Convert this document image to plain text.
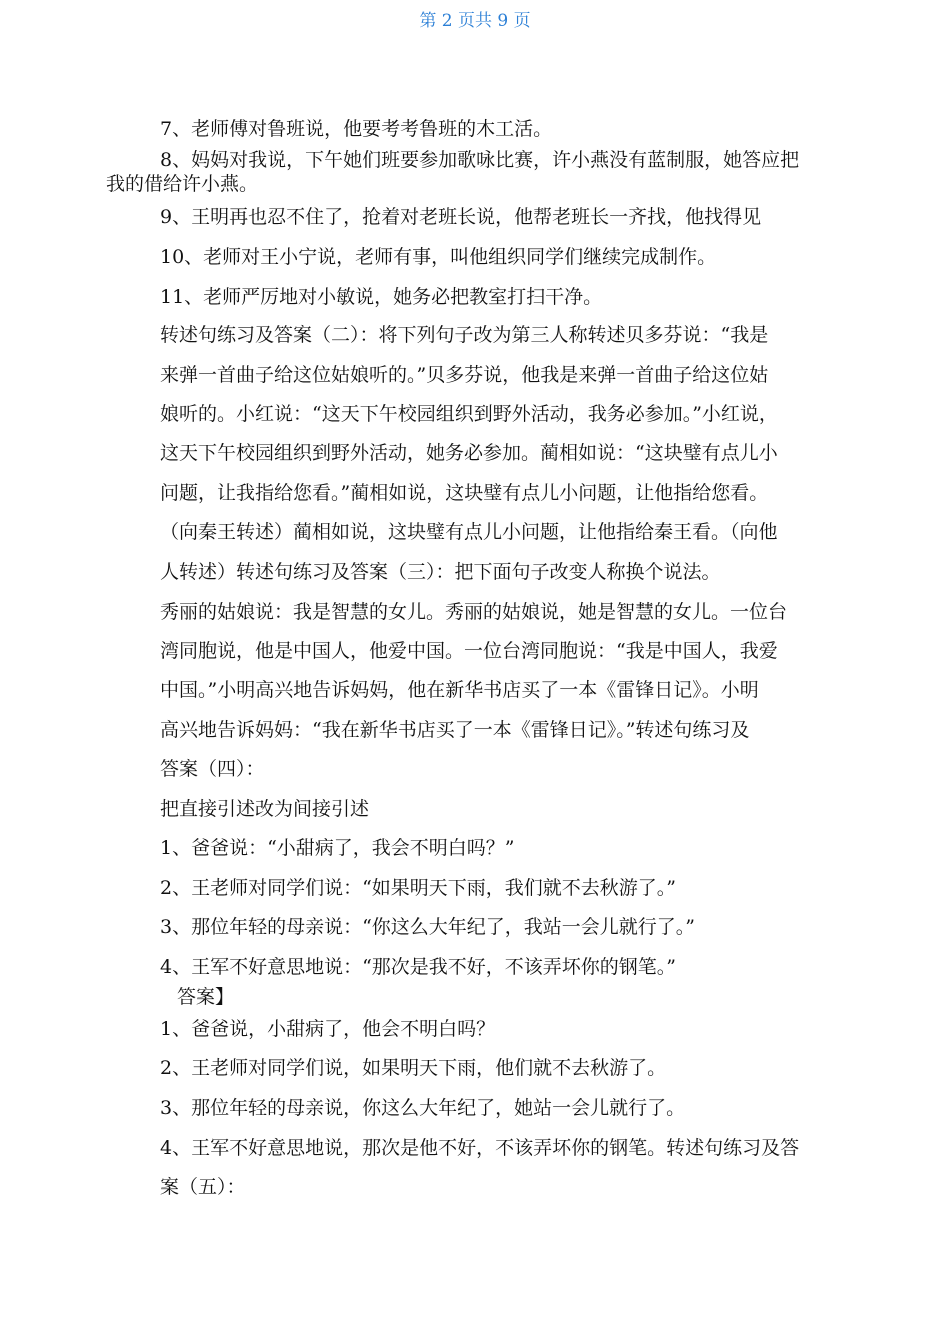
第 2 页共 9 页
7、老师傅对鲁班说，他要考考鲁班的木工活。
8、妈妈对我说，下午她们班要参加歌咏比赛，许小燕没有蓝制服，她答应把
我的借给许小燕。
9、王明再也忍不住了，抢着对老班长说，他帮老班长一齐找，他找得见
10、老师对王小宁说，老师有事，叫他组织同学们继续完成制作。
11、老师严厉地对小敏说，她务必把教室打扫干净。
转述句练习及答案（二）：将下列句子改为第三人称转述贝多芬说：“我是
来弹一首曲子给这位姑娘听的。”贝多芬说，他我是来弹一首曲子给这位姑
娘听的。小红说：“这天下午校园组织到野外活动，我务必参加。”小红说，
这天下午校园组织到野外活动，她务必参加。蔺相如说：“这块璧有点儿小
问题，让我指给您看。”蔺相如说，这块璧有点儿小问题，让他指给您看。
（向秦王转述）蔺相如说，这块璧有点儿小问题，让他指给秦王看。（向他
人转述）转述句练习及答案（三）：把下面句子改变人称换个说法。
秀丽的姑娘说：我是智慧的女儿。秀丽的姑娘说，她是智慧的女儿。一位台
湾同胞说，他是中国人，他爱中国。一位台湾同胞说：“我是中国人，我爱
中国。”小明高兴地告诉妈妈，他在新华书店买了一本《雷锋日记》。小明
高兴地告诉妈妈：“我在新华书店买了一本《雷锋日记》。”转述句练习及
答案（四）：
把直接引述改为间接引述
1、爸爸说：“小甜病了，我会不明白吗？”
2、王老师对同学们说：“如果明天下雨，我们就不去秋游了。”
3、那位年轻的母亲说：“你这么大年纪了，我站一会儿就行了。”
4、王军不好意思地说：“那次是我不好，不该弄坏你的钢笔。”
答案】
1、爸爸说，小甜病了，他会不明白吗？
2、王老师对同学们说，如果明天下雨，他们就不去秋游了。
3、那位年轻的母亲说，你这么大年纪了，她站一会儿就行了。
4、王军不好意思地说，那次是他不好，不该弄坏你的钢笔。转述句练习及答
案（五）：
